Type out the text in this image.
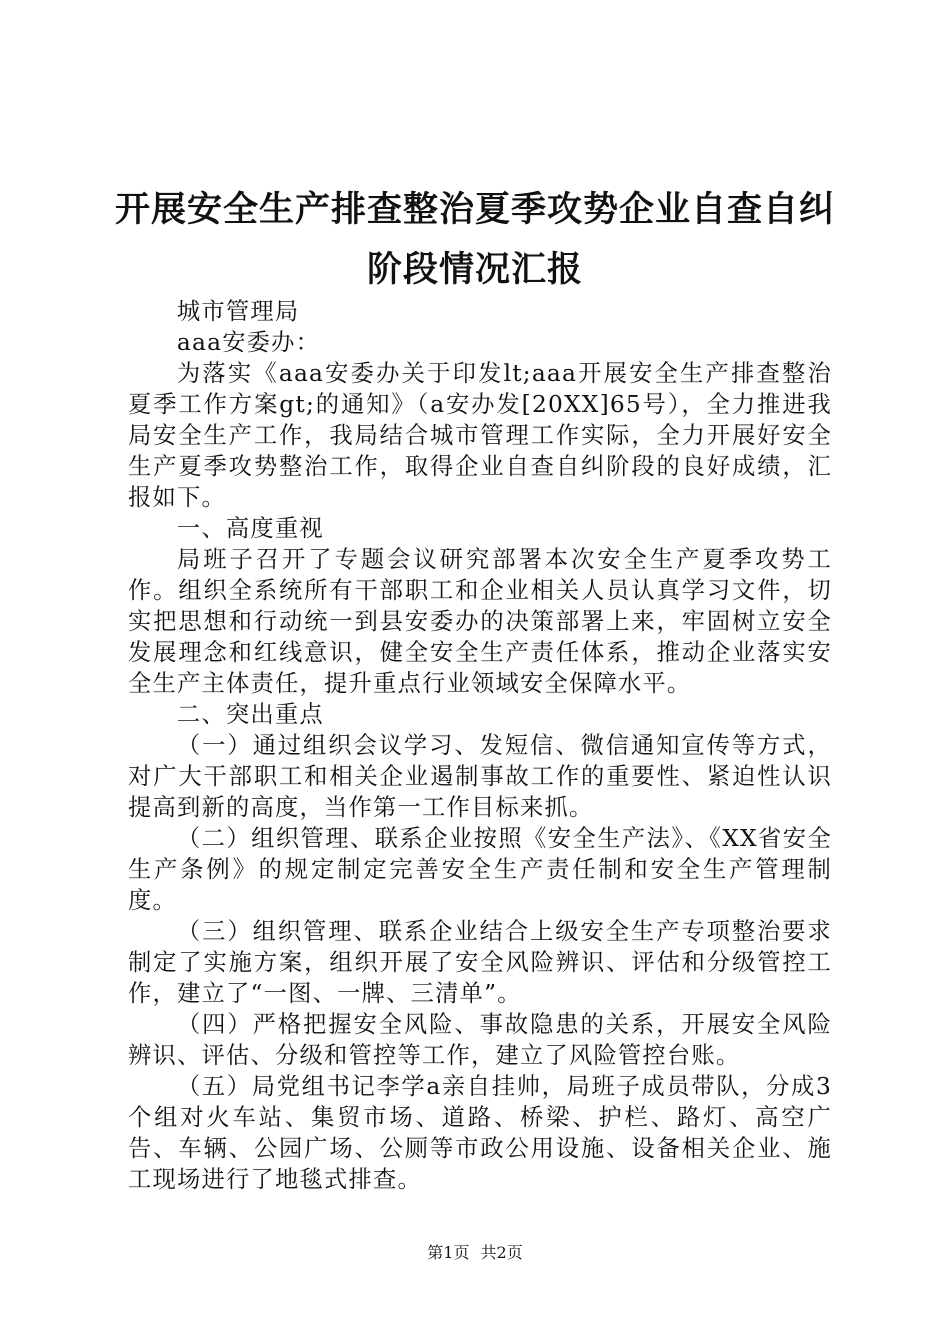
开展安全生产排查整治夏季攻势企业自查自纠
阶段情况汇报

城市管理局

aaa安委办：

为落实《aaa安委办关于印发lt;aaa开展安全生产排查整治夏季工作方案gt;的通知》（a安办发[20XX]65号），全力推进我局安全生产工作，我局结合城市管理工作实际，全力开展好安全生产夏季攻势整治工作，取得企业自查自纠阶段的良好成绩，汇报如下。

一、高度重视

局班子召开了专题会议研究部署本次安全生产夏季攻势工作。组织全系统所有干部职工和企业相关人员认真学习文件，切实把思想和行动统一到县安委办的决策部署上来，牢固树立安全发展理念和红线意识，健全安全生产责任体系，推动企业落实安全生产主体责任，提升重点行业领域安全保障水平。

二、突出重点

（一）通过组织会议学习、发短信、微信通知宣传等方式，对广大干部职工和相关企业遏制事故工作的重要性、紧迫性认识提高到新的高度，当作第一工作目标来抓。

（二）组织管理、联系企业按照《安全生产法》、《XX省安全生产条例》的规定制定完善安全生产责任制和安全生产管理制度。

（三）组织管理、联系企业结合上级安全生产专项整治要求制定了实施方案，组织开展了安全风险辨识、评估和分级管控工作，建立了“一图、一牌、三清单”。

（四）严格把握安全风险、事故隐患的关系，开展安全风险辨识、评估、分级和管控等工作，建立了风险管控台账。

（五）局党组书记李学a亲自挂帅，局班子成员带队，分成3个组对火车站、集贸市场、道路、桥梁、护栏、路灯、高空广告、车辆、公园广场、公厕等市政公用设施、设备相关企业、施工现场进行了地毯式排查。

第1页 共2页
